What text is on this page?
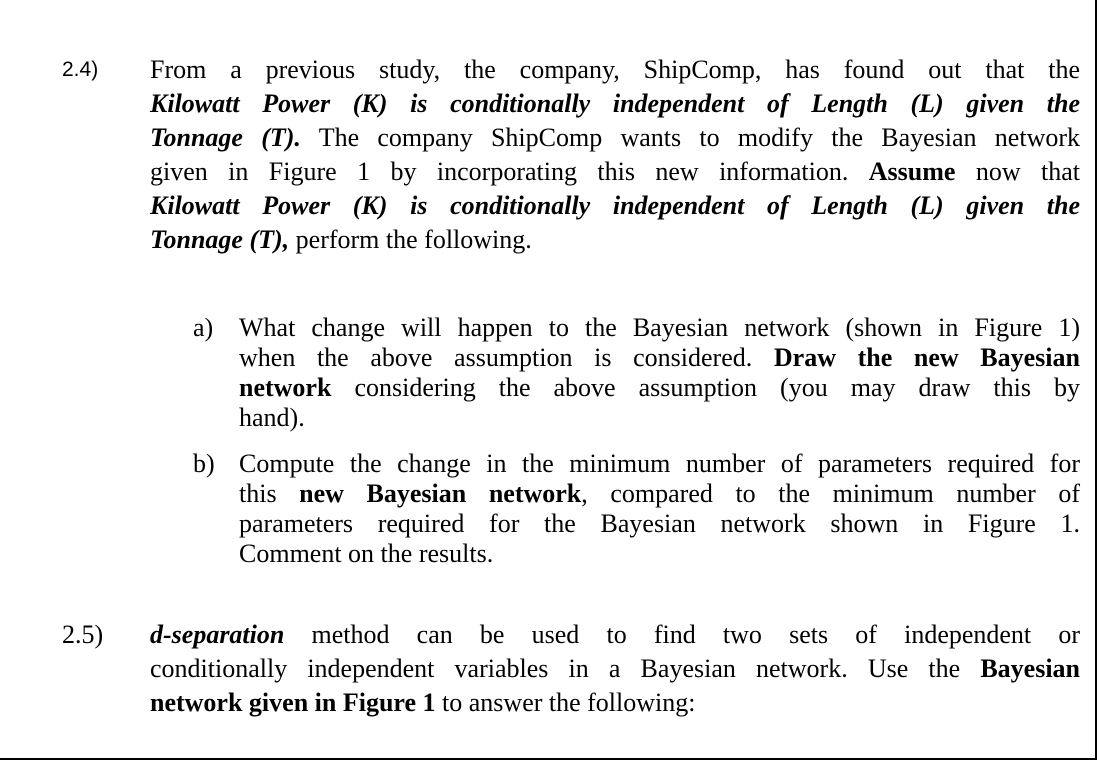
2.4) From a previous study, the company, ShipComp, has found out that the
Kilowatt Power (K) is conditionally independent of Length (L) given the
Tonnage (T). The company ShipComp wants to modify the Bayesian network
given in Figure 1 by incorporating this new information. Assume now that
Kilowatt Power (K) is conditionally independent of Length (L) given the
Tonnage (T), perform the following.
a) What change will happen to the Bayesian network (shown in Figure 1)
when the above assumption is considered. Draw the new Bayesian
network considering the above assumption (you may draw this by
hand).
b) Compute the change in the minimum number of parameters required for
this new Bayesian network, compared to the minimum number of
parameters required for the Bayesian network shown in Figure 1.
Comment on the results.
2.5) d-separation method can be used to find two sets of independent or
conditionally independent variables in a Bayesian network. Use the Bayesian
network given in Figure 1 to answer the following:
